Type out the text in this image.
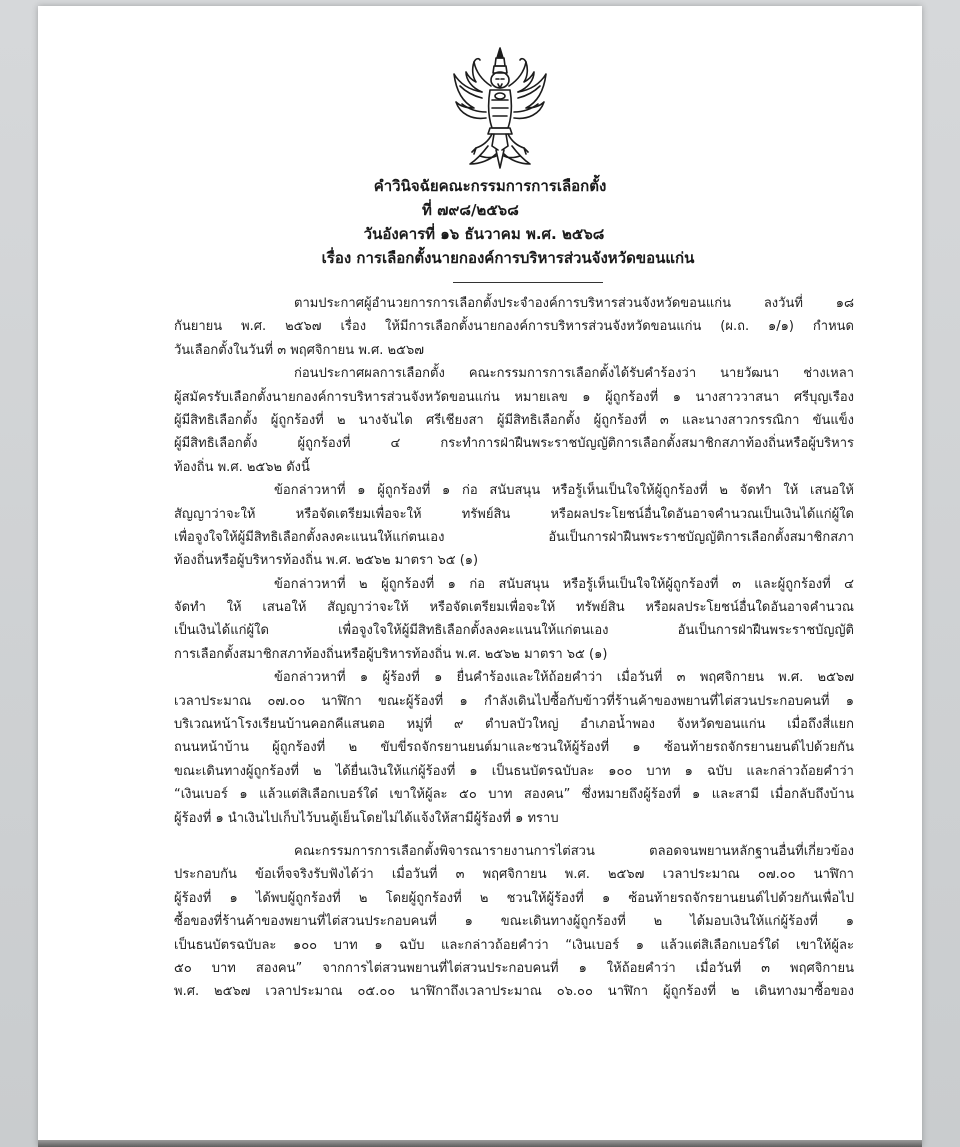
คำวินิจฉัยคณะกรรมการการเลือกตั้ง
ที่ ๗๙๘/๒๕๖๘
วันอังคารที่ ๑๖ ธันวาคม พ.ศ. ๒๕๖๘
เรื่อง การเลือกตั้งนายกองค์การบริหารส่วนจังหวัดขอนแก่น
ตามประกาศผู้อำนวยการการเลือกตั้งประจำองค์การบริหารส่วนจังหวัดขอนแก่น ลงวันที่ ๑๘
กันยายน พ.ศ. ๒๕๖๗ เรื่อง ให้มีการเลือกตั้งนายกองค์การบริหารส่วนจังหวัดขอนแก่น (ผ.ถ. ๑/๑) กำหนด
วันเลือกตั้งในวันที่ ๓ พฤศจิกายน พ.ศ. ๒๕๖๗
ก่อนประกาศผลการเลือกตั้ง คณะกรรมการการเลือกตั้งได้รับคำร้องว่า นายวัฒนา ช่างเหลา
ผู้สมัครรับเลือกตั้งนายกองค์การบริหารส่วนจังหวัดขอนแก่น หมายเลข ๑ ผู้ถูกร้องที่ ๑ นางสาววาสนา ศรีบุญเรือง
ผู้มีสิทธิเลือกตั้ง ผู้ถูกร้องที่ ๒ นางจันได ศรีเชียงสา ผู้มีสิทธิเลือกตั้ง ผู้ถูกร้องที่ ๓ และนางสาวกรรณิกา ขันแข็ง
ผู้มีสิทธิเลือกตั้ง ผู้ถูกร้องที่ ๔ กระทำการฝ่าฝืนพระราชบัญญัติการเลือกตั้งสมาชิกสภาท้องถิ่นหรือผู้บริหาร
ท้องถิ่น พ.ศ. ๒๕๖๒ ดังนี้
ข้อกล่าวหาที่ ๑ ผู้ถูกร้องที่ ๑ ก่อ สนับสนุน หรือรู้เห็นเป็นใจให้ผู้ถูกร้องที่ ๒ จัดทำ ให้ เสนอให้
สัญญาว่าจะให้ หรือจัดเตรียมเพื่อจะให้ ทรัพย์สิน หรือผลประโยชน์อื่นใดอันอาจคำนวณเป็นเงินได้แก่ผู้ใด
เพื่อจูงใจให้ผู้มีสิทธิเลือกตั้งลงคะแนนให้แก่ตนเอง อันเป็นการฝ่าฝืนพระราชบัญญัติการเลือกตั้งสมาชิกสภา
ท้องถิ่นหรือผู้บริหารท้องถิ่น พ.ศ. ๒๕๖๒ มาตรา ๖๕ (๑)
ข้อกล่าวหาที่ ๒ ผู้ถูกร้องที่ ๑ ก่อ สนับสนุน หรือรู้เห็นเป็นใจให้ผู้ถูกร้องที่ ๓ และผู้ถูกร้องที่ ๔
จัดทำ ให้ เสนอให้ สัญญาว่าจะให้ หรือจัดเตรียมเพื่อจะให้ ทรัพย์สิน หรือผลประโยชน์อื่นใดอันอาจคำนวณ
เป็นเงินได้แก่ผู้ใด เพื่อจูงใจให้ผู้มีสิทธิเลือกตั้งลงคะแนนให้แก่ตนเอง อันเป็นการฝ่าฝืนพระราชบัญญัติ
การเลือกตั้งสมาชิกสภาท้องถิ่นหรือผู้บริหารท้องถิ่น พ.ศ. ๒๕๖๒ มาตรา ๖๕ (๑)
ข้อกล่าวหาที่ ๑ ผู้ร้องที่ ๑ ยื่นคำร้องและให้ถ้อยคำว่า เมื่อวันที่ ๓ พฤศจิกายน พ.ศ. ๒๕๖๗
เวลาประมาณ ๐๗.๐๐ นาฬิกา ขณะผู้ร้องที่ ๑ กำลังเดินไปซื้อกับข้าวที่ร้านค้าของพยานที่ไต่สวนประกอบคนที่ ๑
บริเวณหน้าโรงเรียนบ้านคอกคีแสนตอ หมู่ที่ ๙ ตำบลบัวใหญ่ อำเภอน้ำพอง จังหวัดขอนแก่น เมื่อถึงสี่แยก
ถนนหน้าบ้าน ผู้ถูกร้องที่ ๒ ขับขี่รถจักรยานยนต์มาและชวนให้ผู้ร้องที่ ๑ ซ้อนท้ายรถจักรยานยนต์ไปด้วยกัน
ขณะเดินทางผู้ถูกร้องที่ ๒ ได้ยื่นเงินให้แก่ผู้ร้องที่ ๑ เป็นธนบัตรฉบับละ ๑๐๐ บาท ๑ ฉบับ และกล่าวถ้อยคำว่า
“เงินเบอร์ ๑ แล้วแต่สิเลือกเบอร์ใด๋ เขาให้ผู้ละ ๕๐ บาท สองคน” ซึ่งหมายถึงผู้ร้องที่ ๑ และสามี เมื่อกลับถึงบ้าน
ผู้ร้องที่ ๑ นำเงินไปเก็บไว้บนตู้เย็นโดยไม่ได้แจ้งให้สามีผู้ร้องที่ ๑ ทราบ
คณะกรรมการการเลือกตั้งพิจารณารายงานการไต่สวน ตลอดจนพยานหลักฐานอื่นที่เกี่ยวข้อง
ประกอบกัน ข้อเท็จจริงรับฟังได้ว่า เมื่อวันที่ ๓ พฤศจิกายน พ.ศ. ๒๕๖๗ เวลาประมาณ ๐๗.๐๐ นาฬิกา
ผู้ร้องที่ ๑ ได้พบผู้ถูกร้องที่ ๒ โดยผู้ถูกร้องที่ ๒ ชวนให้ผู้ร้องที่ ๑ ซ้อนท้ายรถจักรยานยนต์ไปด้วยกันเพื่อไป
ซื้อของที่ร้านค้าของพยานที่ไต่สวนประกอบคนที่ ๑ ขณะเดินทางผู้ถูกร้องที่ ๒ ได้มอบเงินให้แก่ผู้ร้องที่ ๑
เป็นธนบัตรฉบับละ ๑๐๐ บาท ๑ ฉบับ และกล่าวถ้อยคำว่า “เงินเบอร์ ๑ แล้วแต่สิเลือกเบอร์ใด๋ เขาให้ผู้ละ
๕๐ บาท สองคน” จากการไต่สวนพยานที่ไต่สวนประกอบคนที่ ๑ ให้ถ้อยคำว่า เมื่อวันที่ ๓ พฤศจิกายน
พ.ศ. ๒๕๖๗ เวลาประมาณ ๐๕.๐๐ นาฬิกาถึงเวลาประมาณ ๐๖.๐๐ นาฬิกา ผู้ถูกร้องที่ ๒ เดินทางมาซื้อของ
